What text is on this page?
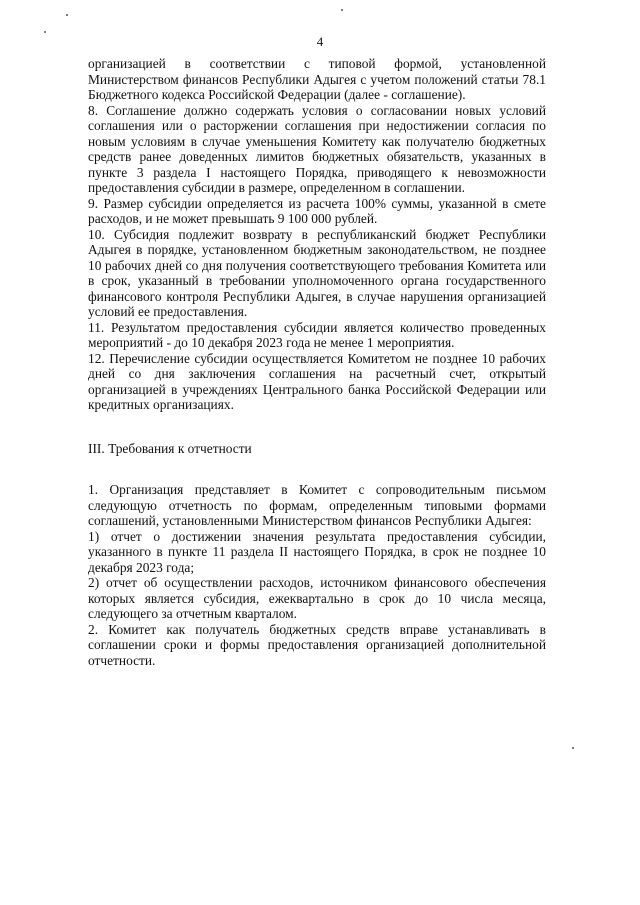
4

организацией в соответствии с типовой формой, установленной Министерством финансов Республики Адыгея с учетом положений статьи 78.1 Бюджетного кодекса Российской Федерации (далее - соглашение).

8. Соглашение должно содержать условия о согласовании новых условий соглашения или о расторжении соглашения при недостижении согласия по новым условиям в случае уменьшения Комитету как получателю бюджетных средств ранее доведенных лимитов бюджетных обязательств, указанных в пункте 3 раздела I настоящего Порядка, приводящего к невозможности предоставления субсидии в размере, определенном в соглашении.

9. Размер субсидии определяется из расчета 100% суммы, указанной в смете расходов, и не может превышать 9 100 000 рублей.

10. Субсидия подлежит возврату в республиканский бюджет Республики Адыгея в порядке, установленном бюджетным законодательством, не позднее 10 рабочих дней со дня получения соответствующего требования Комитета или в срок, указанный в требовании уполномоченного органа государственного финансового контроля Республики Адыгея, в случае нарушения организацией условий ее предоставления.

11. Результатом предоставления субсидии является количество проведенных мероприятий - до 10 декабря 2023 года не менее 1 мероприятия.

12. Перечисление субсидии осуществляется Комитетом не позднее 10 рабочих дней со дня заключения соглашения на расчетный счет, открытый организацией в учреждениях Центрального банка Российской Федерации или кредитных организациях.

III. Требования к отчетности

1. Организация представляет в Комитет с сопроводительным письмом следующую отчетность по формам, определенным типовыми формами соглашений, установленными Министерством финансов Республики Адыгея:

1) отчет о достижении значения результата предоставления субсидии, указанного в пункте 11 раздела II настоящего Порядка, в срок не позднее 10 декабря 2023 года;

2) отчет об осуществлении расходов, источником финансового обеспечения которых является субсидия, ежеквартально в срок до 10 числа месяца, следующего за отчетным кварталом.

2. Комитет как получатель бюджетных средств вправе устанавливать в соглашении сроки и формы предоставления организацией дополнительной отчетности.
